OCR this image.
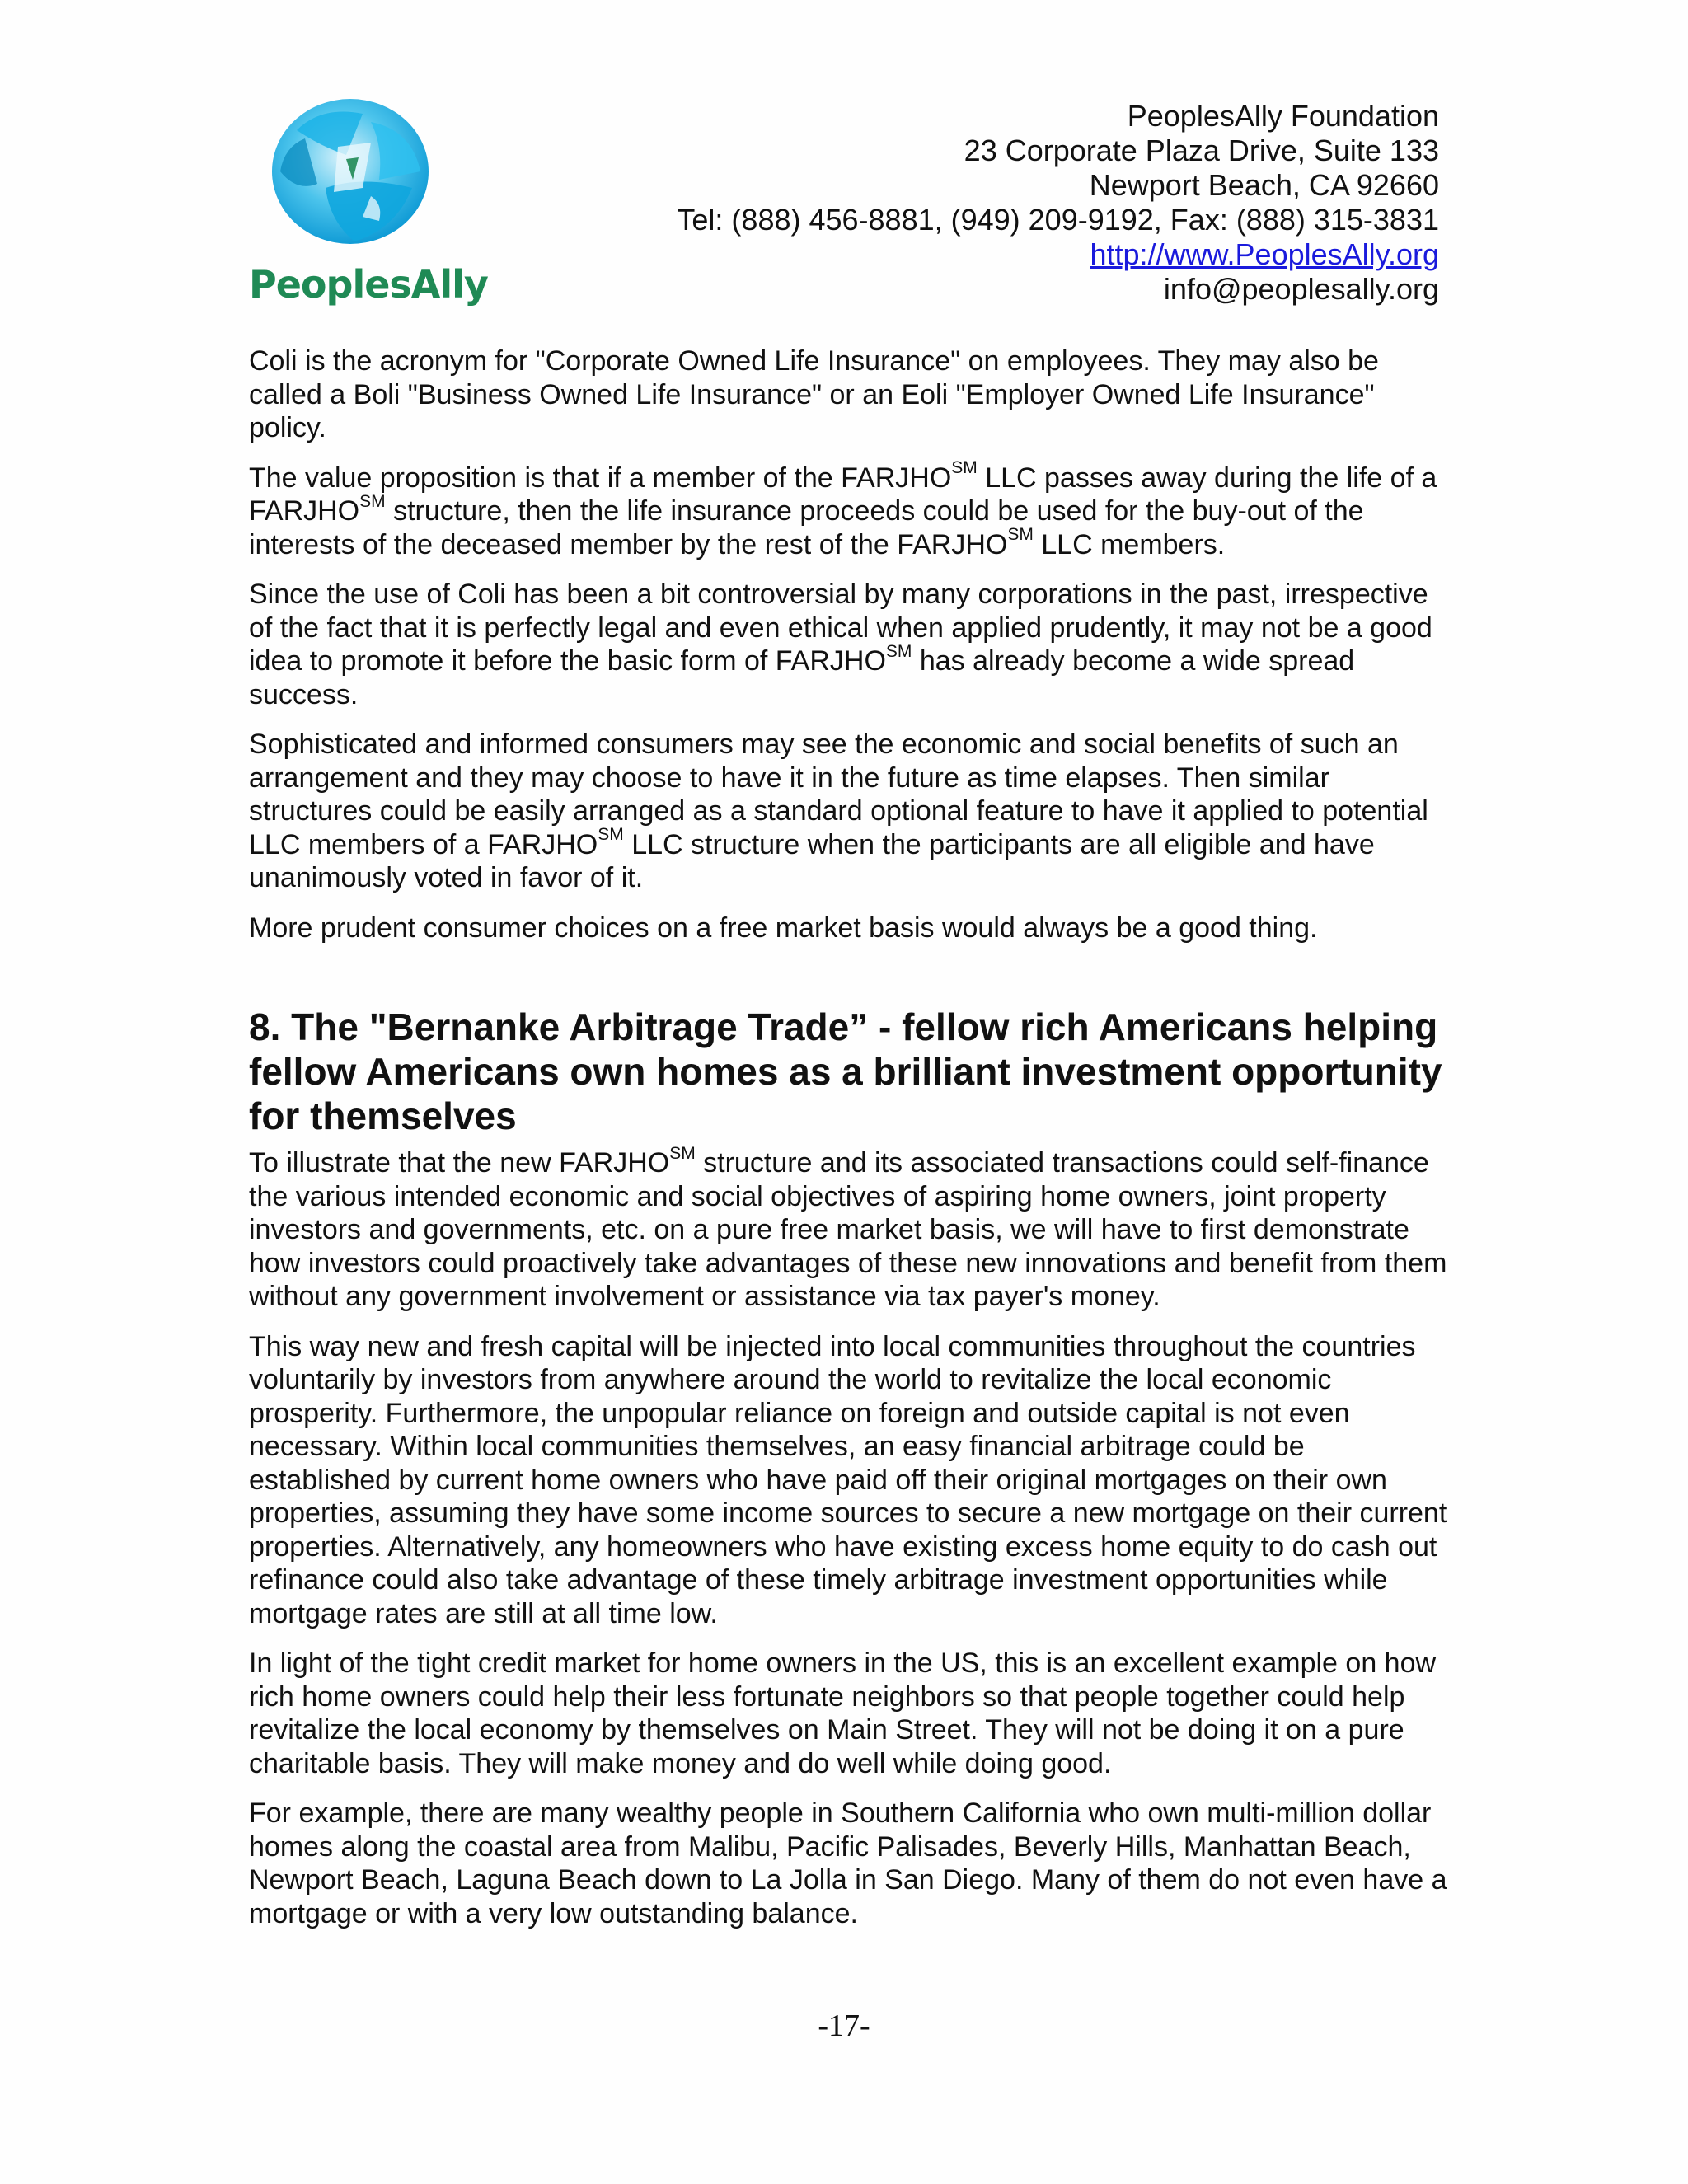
PeoplesAlly
PeoplesAlly Foundation
23 Corporate Plaza Drive, Suite 133
Newport Beach, CA 92660
Tel: (888) 456-8881, (949) 209-9192, Fax: (888) 315-3831
http://www.PeoplesAlly.org
info@peoplesally.org

Coli is the acronym for "Corporate Owned Life Insurance" on employees. They may also be called a Boli "Business Owned Life Insurance" or an Eoli "Employer Owned Life Insurance" policy.

The value proposition is that if a member of the FARJHO℠ LLC passes away during the life of a FARJHO℠ structure, then the life insurance proceeds could be used for the buy-out of the interests of the deceased member by the rest of the FARJHO℠ LLC members.

Since the use of Coli has been a bit controversial by many corporations in the past, irrespective of the fact that it is perfectly legal and even ethical when applied prudently, it may not be a good idea to promote it before the basic form of FARJHO℠ has already become a wide spread success.

Sophisticated and informed consumers may see the economic and social benefits of such an arrangement and they may choose to have it in the future as time elapses. Then similar structures could be easily arranged as a standard optional feature to have it applied to potential LLC members of a FARJHO℠ LLC structure when the participants are all eligible and have unanimously voted in favor of it.

More prudent consumer choices on a free market basis would always be a good thing.

8. The "Bernanke Arbitrage Trade” - fellow rich Americans helping fellow Americans own homes as a brilliant investment opportunity for themselves

To illustrate that the new FARJHO℠ structure and its associated transactions could self-finance the various intended economic and social objectives of aspiring home owners, joint property investors and governments, etc. on a pure free market basis, we will have to first demonstrate how investors could proactively take advantages of these new innovations and benefit from them without any government involvement or assistance via tax payer's money.

This way new and fresh capital will be injected into local communities throughout the countries voluntarily by investors from anywhere around the world to revitalize the local economic prosperity. Furthermore, the unpopular reliance on foreign and outside capital is not even necessary. Within local communities themselves, an easy financial arbitrage could be established by current home owners who have paid off their original mortgages on their own properties, assuming they have some income sources to secure a new mortgage on their current properties. Alternatively, any homeowners who have existing excess home equity to do cash out refinance could also take advantage of these timely arbitrage investment opportunities while mortgage rates are still at all time low.

In light of the tight credit market for home owners in the US, this is an excellent example on how rich home owners could help their less fortunate neighbors so that people together could help revitalize the local economy by themselves on Main Street. They will not be doing it on a pure charitable basis. They will make money and do well while doing good.

For example, there are many wealthy people in Southern California who own multi-million dollar homes along the coastal area from Malibu, Pacific Palisades, Beverly Hills, Manhattan Beach, Newport Beach, Laguna Beach down to La Jolla in San Diego. Many of them do not even have a mortgage or with a very low outstanding balance.

-17-
